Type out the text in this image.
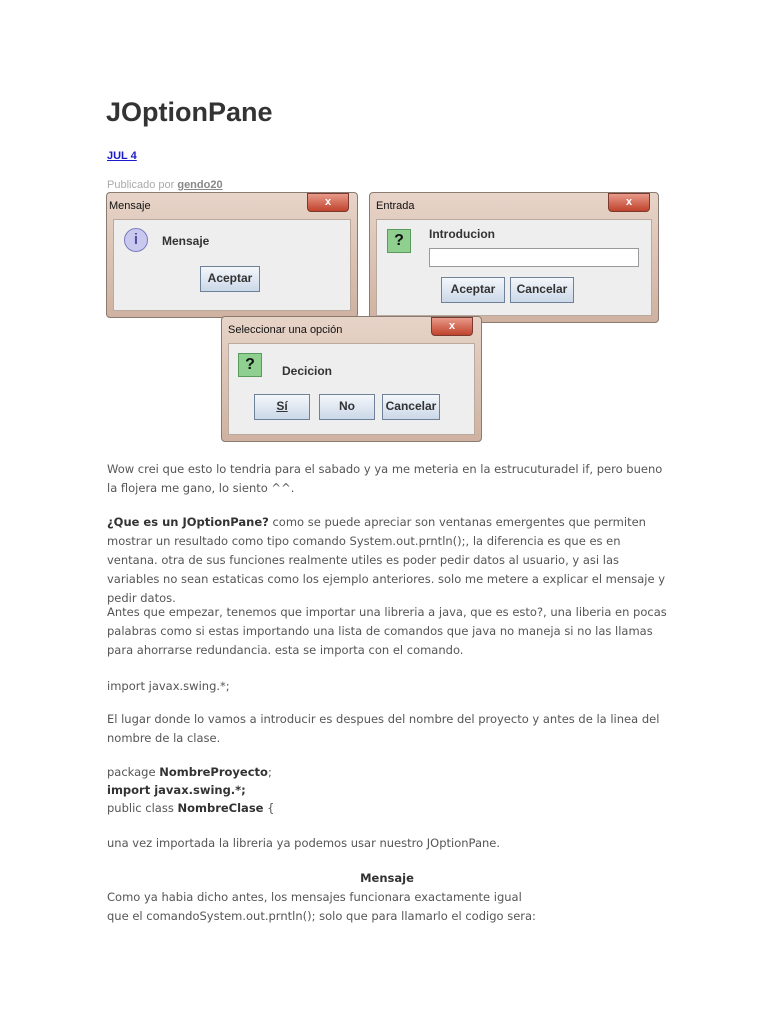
JOptionPane
JUL 4
Publicado por gendo20
Mensaje	x
i	Mensaje
Aceptar
Entrada	x
?	Introducion
Aceptar	Cancelar
Seleccionar una opción	x
?	Decicion
Sí	No	Cancelar
Wow crei que esto lo tendria para el sabado y ya me meteria en la estrucuturadel if, pero bueno la flojera me gano, lo siento ^^.
¿Que es un JOptionPane? como se puede apreciar son ventanas emergentes que permiten mostrar un resultado como tipo comando System.out.prntln();, la diferencia es que es en ventana. otra de sus funciones realmente utiles es poder pedir datos al usuario, y asi las variables no sean estaticas como los ejemplo anteriores. solo me metere a explicar el mensaje y pedir datos.
Antes que empezar, tenemos que importar una libreria a java, que es esto?, una liberia en pocas palabras como si estas importando una lista de comandos que java no maneja si no las llamas para ahorrarse redundancia. esta se importa con el comando.
import javax.swing.*;
El lugar donde lo vamos a introducir es despues del nombre del proyecto y antes de la linea del nombre de la clase.
package NombreProyecto;
import javax.swing.*;
public class NombreClase {
una vez importada la libreria ya podemos usar nuestro JOptionPane.
Mensaje
Como ya habia dicho antes, los mensajes funcionara exactamente igual que el comandoSystem.out.prntln(); solo que para llamarlo el codigo sera:
